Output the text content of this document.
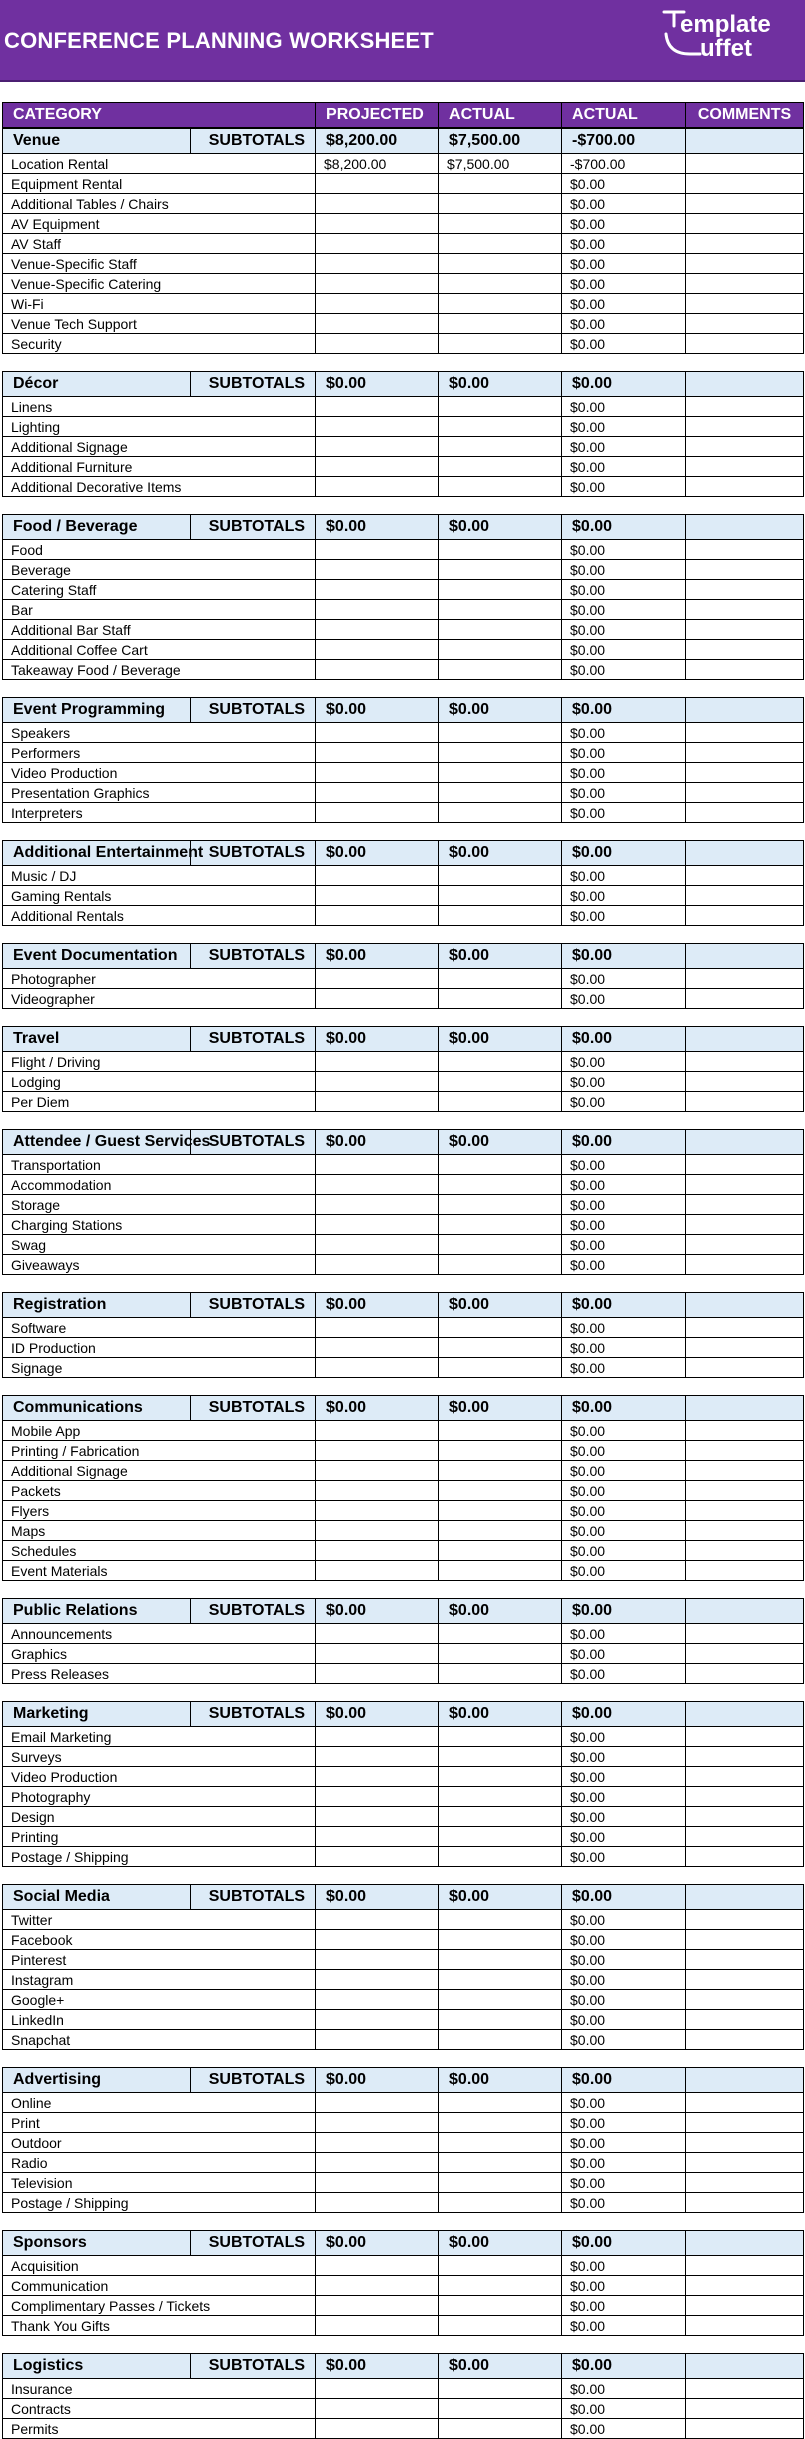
CONFERENCE PLANNING WORKSHEET
emplate
uffet
CATEGORY		PROJECTED	ACTUAL	ACTUAL	COMMENTS
Venue	SUBTOTALS	$8,200.00	$7,500.00	-$700.00	
Location Rental		$8,200.00	$7,500.00	-$700.00	
Equipment Rental				$0.00	
Additional Tables / Chairs				$0.00	
AV Equipment				$0.00	
AV Staff				$0.00	
Venue-Specific Staff				$0.00	
Venue-Specific Catering				$0.00	
Wi-Fi				$0.00	
Venue Tech Support				$0.00	
Security				$0.00	

Décor	SUBTOTALS	$0.00	$0.00	$0.00	
Linens				$0.00	
Lighting				$0.00	
Additional Signage				$0.00	
Additional Furniture				$0.00	
Additional Decorative Items				$0.00	

Food / Beverage	SUBTOTALS	$0.00	$0.00	$0.00	
Food				$0.00	
Beverage				$0.00	
Catering Staff				$0.00	
Bar				$0.00	
Additional Bar Staff				$0.00	
Additional Coffee Cart				$0.00	
Takeaway Food / Beverage				$0.00	

Event Programming	SUBTOTALS	$0.00	$0.00	$0.00	
Speakers				$0.00	
Performers				$0.00	
Video Production				$0.00	
Presentation Graphics				$0.00	
Interpreters				$0.00	

Additional Entertainment	SUBTOTALS	$0.00	$0.00	$0.00	
Music / DJ				$0.00	
Gaming Rentals				$0.00	
Additional Rentals				$0.00	

Event Documentation	SUBTOTALS	$0.00	$0.00	$0.00	
Photographer				$0.00	
Videographer				$0.00	

Travel	SUBTOTALS	$0.00	$0.00	$0.00	
Flight / Driving				$0.00	
Lodging				$0.00	
Per Diem				$0.00	

Attendee / Guest Services	SUBTOTALS	$0.00	$0.00	$0.00	
Transportation				$0.00	
Accommodation				$0.00	
Storage				$0.00	
Charging Stations				$0.00	
Swag				$0.00	
Giveaways				$0.00	

Registration	SUBTOTALS	$0.00	$0.00	$0.00	
Software				$0.00	
ID Production				$0.00	
Signage				$0.00	

Communications	SUBTOTALS	$0.00	$0.00	$0.00	
Mobile App				$0.00	
Printing / Fabrication				$0.00	
Additional Signage				$0.00	
Packets				$0.00	
Flyers				$0.00	
Maps				$0.00	
Schedules				$0.00	
Event Materials				$0.00	

Public Relations	SUBTOTALS	$0.00	$0.00	$0.00	
Announcements				$0.00	
Graphics				$0.00	
Press Releases				$0.00	

Marketing	SUBTOTALS	$0.00	$0.00	$0.00	
Email Marketing				$0.00	
Surveys				$0.00	
Video Production				$0.00	
Photography				$0.00	
Design				$0.00	
Printing				$0.00	
Postage / Shipping				$0.00	

Social Media	SUBTOTALS	$0.00	$0.00	$0.00	
Twitter				$0.00	
Facebook				$0.00	
Pinterest				$0.00	
Instagram				$0.00	
Google+				$0.00	
LinkedIn				$0.00	
Snapchat				$0.00	

Advertising	SUBTOTALS	$0.00	$0.00	$0.00	
Online				$0.00	
Print				$0.00	
Outdoor				$0.00	
Radio				$0.00	
Television				$0.00	
Postage / Shipping				$0.00	

Sponsors	SUBTOTALS	$0.00	$0.00	$0.00	
Acquisition				$0.00	
Communication				$0.00	
Complimentary Passes / Tickets				$0.00	
Thank You Gifts				$0.00	

Logistics	SUBTOTALS	$0.00	$0.00	$0.00	
Insurance				$0.00	
Contracts				$0.00	
Permits				$0.00	
